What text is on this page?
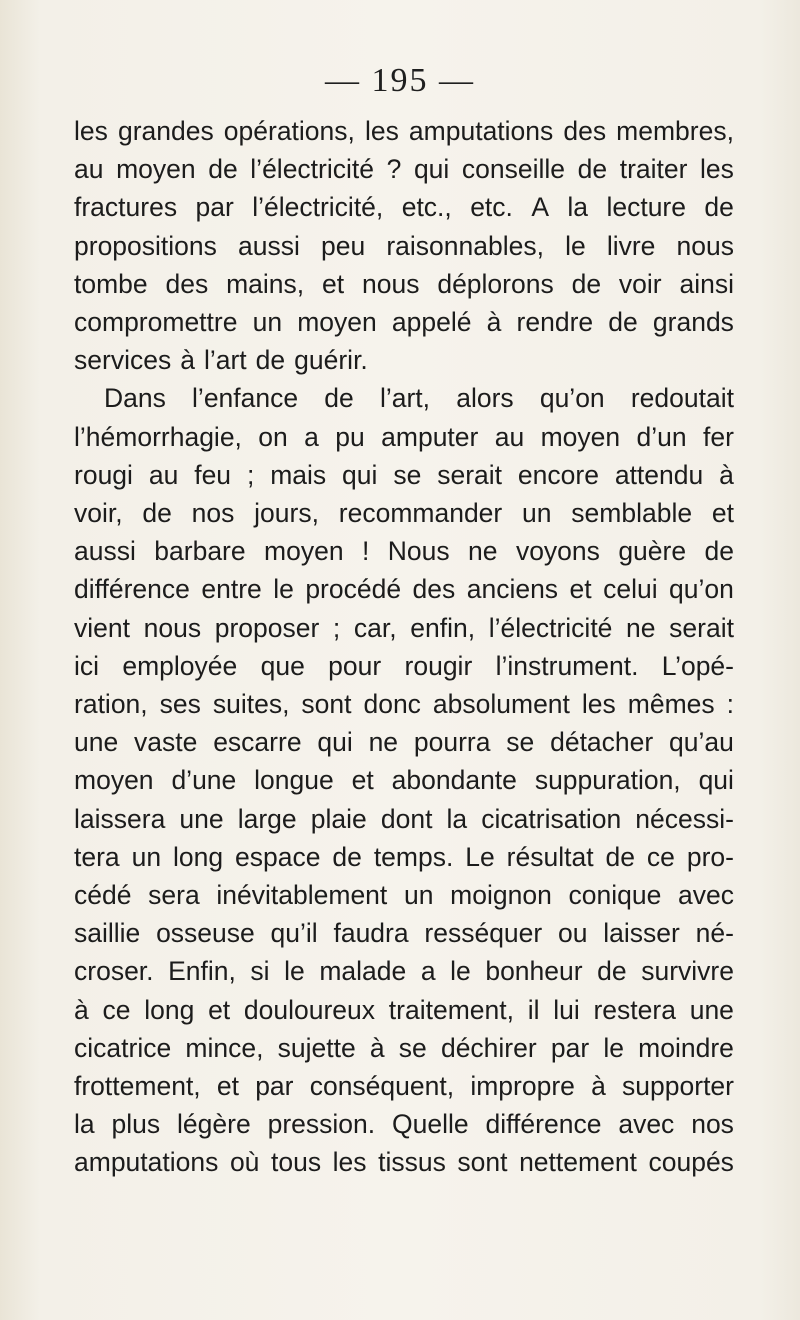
— 195 —
les grandes opérations, les amputations des membres,
au moyen de l’électricité ? qui conseille de traiter les
fractures par l’électricité, etc., etc. A la lecture de
propositions aussi peu raisonnables, le livre nous
tombe des mains, et nous déplorons de voir ainsi
compromettre un moyen appelé à rendre de grands
services à l’art de guérir.
Dans l’enfance de l’art, alors qu’on redoutait
l’hémorrhagie, on a pu amputer au moyen d’un fer
rougi au feu ; mais qui se serait encore attendu à
voir, de nos jours, recommander un semblable et
aussi barbare moyen ! Nous ne voyons guère de
différence entre le procédé des anciens et celui qu’on
vient nous proposer ; car, enfin, l’électricité ne serait
ici employée que pour rougir l’instrument. L’opé-
ration, ses suites, sont donc absolument les mêmes :
une vaste escarre qui ne pourra se détacher qu’au
moyen d’une longue et abondante suppuration, qui
laissera une large plaie dont la cicatrisation nécessi-
tera un long espace de temps. Le résultat de ce pro-
cédé sera inévitablement un moignon conique avec
saillie osseuse qu’il faudra resséquer ou laisser né-
croser. Enfin, si le malade a le bonheur de survivre
à ce long et douloureux traitement, il lui restera une
cicatrice mince, sujette à se déchirer par le moindre
frottement, et par conséquent, impropre à supporter
la plus légère pression. Quelle différence avec nos
amputations où tous les tissus sont nettement coupés
